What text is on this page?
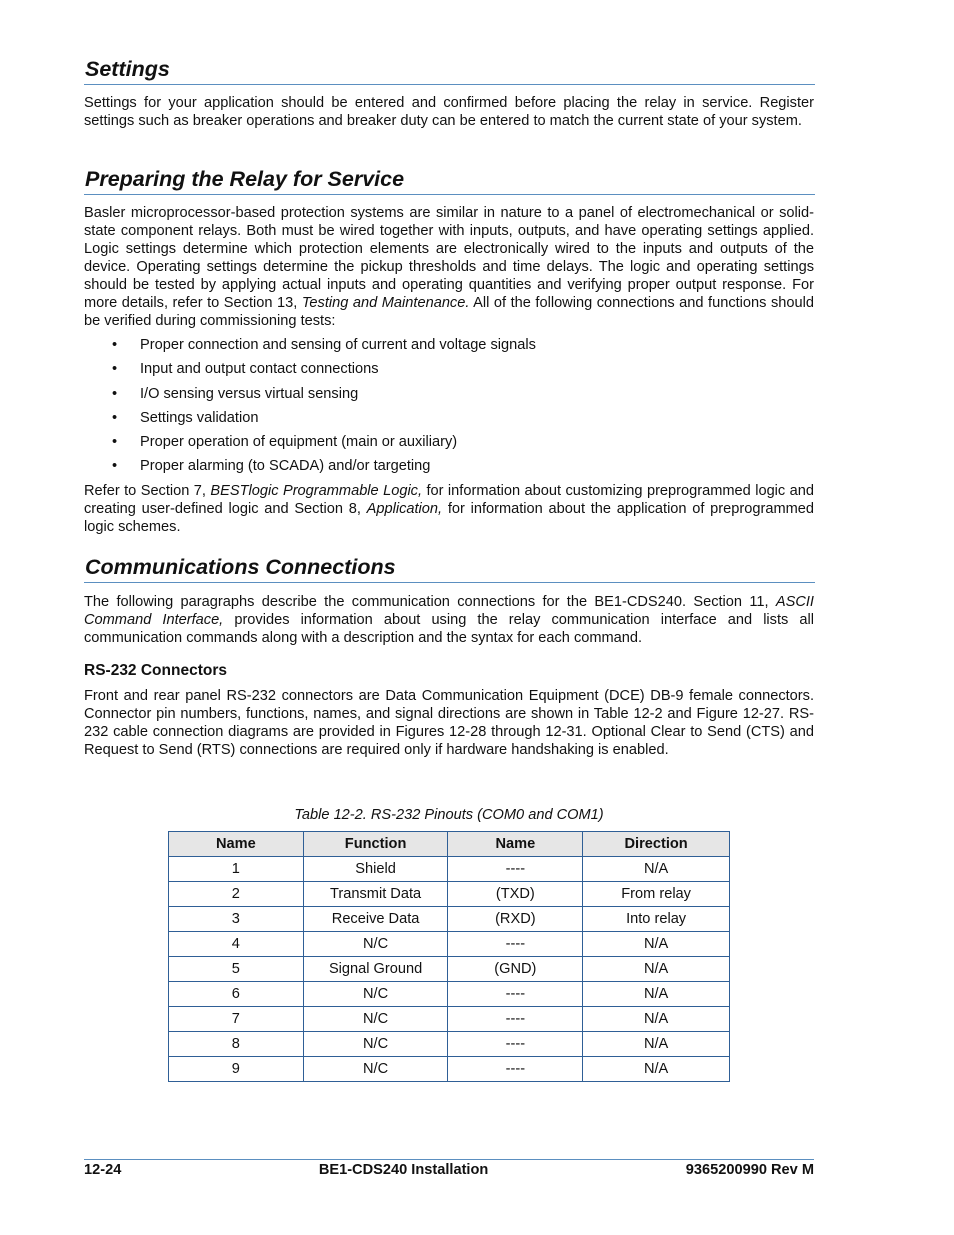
Settings

Settings for your application should be entered and confirmed before placing the relay in service. Register settings such as breaker operations and breaker duty can be entered to match the current state of your system.

Preparing the Relay for Service

Basler microprocessor-based protection systems are similar in nature to a panel of electromechanical or solid-state component relays. Both must be wired together with inputs, outputs, and have operating settings applied. Logic settings determine which protection elements are electronically wired to the inputs and outputs of the device. Operating settings determine the pickup thresholds and time delays. The logic and operating settings should be tested by applying actual inputs and operating quantities and verifying proper output response. For more details, refer to Section 13, Testing and Maintenance. All of the following connections and functions should be verified during commissioning tests:

• Proper connection and sensing of current and voltage signals
• Input and output contact connections
• I/O sensing versus virtual sensing
• Settings validation
• Proper operation of equipment (main or auxiliary)
• Proper alarming (to SCADA) and/or targeting

Refer to Section 7, BESTlogic Programmable Logic, for information about customizing preprogrammed logic and creating user-defined logic and Section 8, Application, for information about the application of preprogrammed logic schemes.

Communications Connections

The following paragraphs describe the communication connections for the BE1-CDS240. Section 11, ASCII Command Interface, provides information about using the relay communication interface and lists all communication commands along with a description and the syntax for each command.

RS-232 Connectors

Front and rear panel RS-232 connectors are Data Communication Equipment (DCE) DB-9 female connectors. Connector pin numbers, functions, names, and signal directions are shown in Table 12-2 and Figure 12-27. RS-232 cable connection diagrams are provided in Figures 12-28 through 12-31. Optional Clear to Send (CTS) and Request to Send (RTS) connections are required only if hardware handshaking is enabled.

Table 12-2. RS-232 Pinouts (COM0 and COM1)
Name	Function	Name	Direction
1	Shield	----	N/A
2	Transmit Data	(TXD)	From relay
3	Receive Data	(RXD)	Into relay
4	N/C	----	N/A
5	Signal Ground	(GND)	N/A
6	N/C	----	N/A
7	N/C	----	N/A
8	N/C	----	N/A
9	N/C	----	N/A
12-24	BE1-CDS240 Installation	9365200990 Rev M
